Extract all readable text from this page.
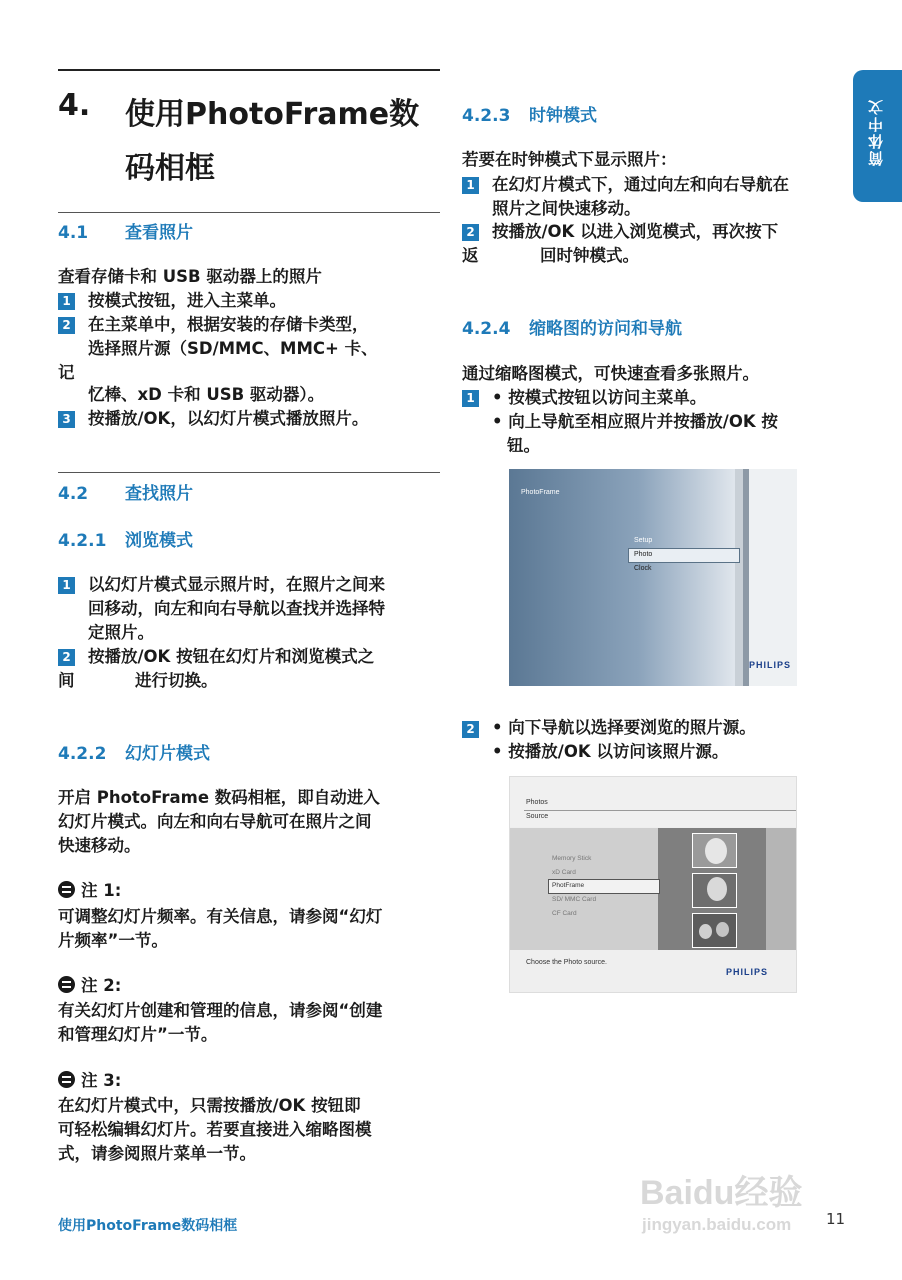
简体中文
4. 使用PhotoFrame数码相框
4.1 查看照片
查看存储卡和 USB 驱动器上的照片
1 按模式按钮，进入主菜单。
2 在主菜单中，根据安装的存储卡类型，
选择照片源（SD/MMC、MMC+ 卡、
记
忆棒、xD 卡和 USB 驱动器）。
3 按播放/OK，以幻灯片模式播放照片。
4.2 查找照片
4.2.1 浏览模式
1 以幻灯片模式显示照片时，在照片之间来
回移动，向左和向右导航以查找并选择特
定照片。
2 按播放/OK 按钮在幻灯片和浏览模式之
间	进行切换。
4.2.2 幻灯片模式
开启 PhotoFrame 数码相框，即自动进入
幻灯片模式。向左和向右导航可在照片之间
快速移动。
注 1:
可调整幻灯片频率。有关信息，请参阅“幻灯
片频率”一节。
注 2:
有关幻灯片创建和管理的信息，请参阅“创建
和管理幻灯片”一节。
注 3:
在幻灯片模式中，只需按播放/OK 按钮即
可轻松编辑幻灯片。若要直接进入缩略图模
式，请参阅照片菜单一节。
4.2.3 时钟模式
若要在时钟模式下显示照片：
1 在幻灯片模式下，通过向左和向右导航在
照片之间快速移动。
2 按播放/OK 以进入浏览模式，再次按下
返	回时钟模式。
4.2.4 缩略图的访问和导航
通过缩略图模式，可快速查看多张照片。
1 • 按模式按钮以访问主菜单。
• 向上导航至相应照片并按播放/OK 按
钮。
PhotoFrame
Setup
Photo
Clock
PHILIPS
2 • 向下导航以选择要浏览的照片源。
• 按播放/OK 以访问该照片源。
Photos
Source
Memory Stick
xD Card
PhotFrame
SD/ MMC Card
CF Card
Choose the Photo source.
PHILIPS
使用PhotoFrame数码相框
Baidu经验
jingyan.baidu.com 11
